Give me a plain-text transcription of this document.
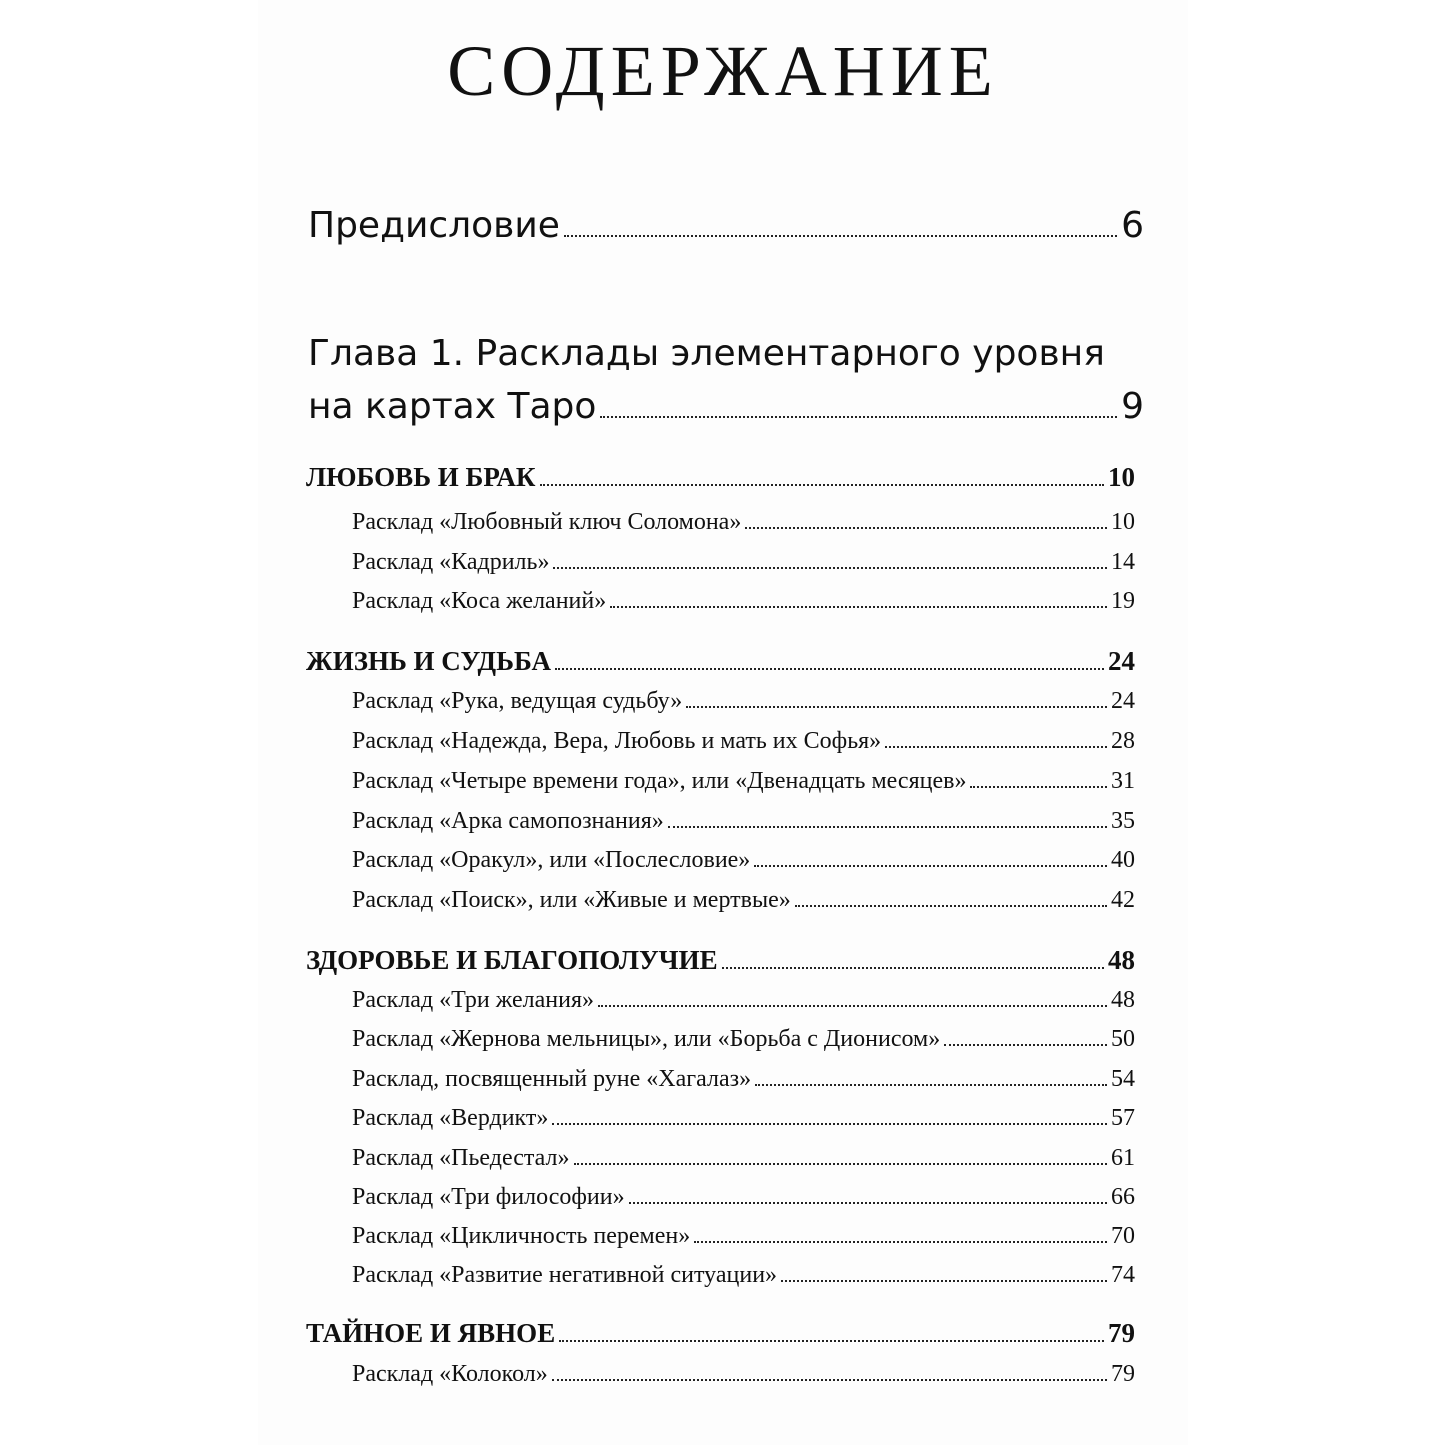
СОДЕРЖАНИЕ
Предисловие	6
Глава 1. Расклады элементарного уровня
на картах Таро	9
ЛЮБОВЬ И БРАК	10
Расклад «Любовный ключ Соломона»	10
Расклад «Кадриль»	14
Расклад «Коса желаний»	19
ЖИЗНЬ И СУДЬБА	24
Расклад «Рука, ведущая судьбу»	24
Расклад «Надежда, Вера, Любовь и мать их Софья»	28
Расклад «Четыре времени года», или «Двенадцать месяцев»	31
Расклад «Арка самопознания»	35
Расклад «Оракул», или «Послесловие»	40
Расклад «Поиск», или «Живые и мертвые»	42
ЗДОРОВЬЕ И БЛАГОПОЛУЧИЕ	48
Расклад «Три желания»	48
Расклад «Жернова мельницы», или «Борьба с Дионисом»	50
Расклад, посвященный руне «Хагалаз»	54
Расклад «Вердикт»	57
Расклад «Пьедестал»	61
Расклад «Три философии»	66
Расклад «Цикличность перемен»	70
Расклад «Развитие негативной ситуации»	74
ТАЙНОЕ И ЯВНОЕ	79
Расклад «Колокол»	79
